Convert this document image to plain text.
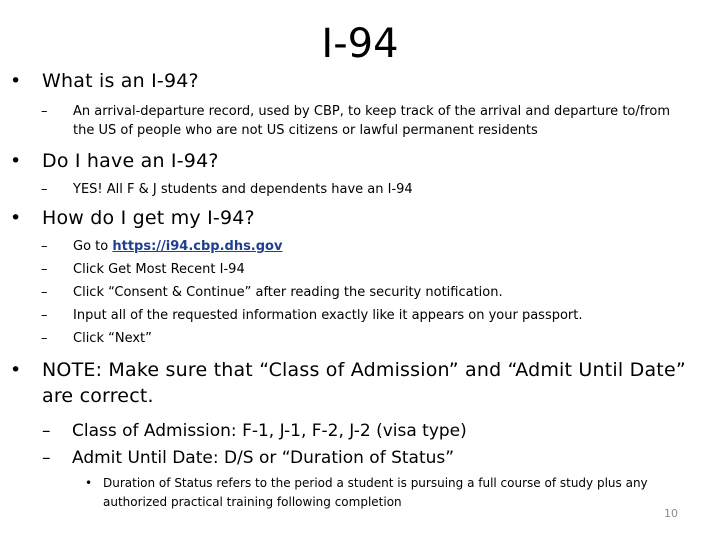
I-94
• What is an I-94?
– An arrival-departure record, used by CBP, to keep track of the arrival and departure to/from the US of people who are not US citizens or lawful permanent residents
• Do I have an I-94?
– YES! All F & J students and dependents have an I-94
• How do I get my I-94?
– Go to https://i94.cbp.dhs.gov
– Click Get Most Recent I-94
– Click “Consent & Continue” after reading the security notification.
– Input all of the requested information exactly like it appears on your passport.
– Click “Next”
• NOTE: Make sure that “Class of Admission” and “Admit Until Date” are correct.
– Class of Admission: F-1, J-1, F-2, J-2 (visa type)
– Admit Until Date: D/S or “Duration of Status”
• Duration of Status refers to the period a student is pursuing a full course of study plus any authorized practical training following completion
10
